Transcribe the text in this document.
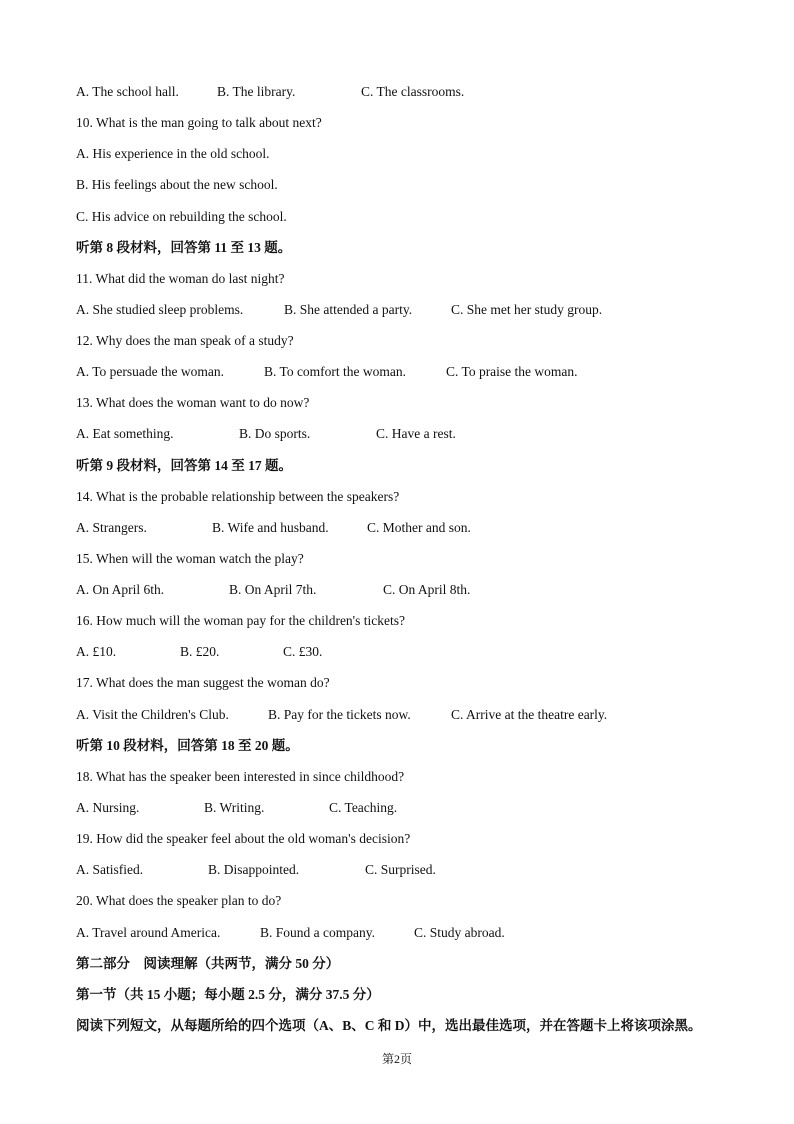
A. The school hall.	B. The library.	C. The classrooms.
10. What is the man going to talk about next?
A. His experience in the old school.
B. His feelings about the new school.
C. His advice on rebuilding the school.
听第 8 段材料，回答第 11 至 13 题。
11. What did the woman do last night?
A. She studied sleep problems.	B. She attended a party.	C. She met her study group.
12. Why does the man speak of a study?
A. To persuade the woman.	B. To comfort the woman.	C. To praise the woman.
13. What does the woman want to do now?
A. Eat something.	B. Do sports.	C. Have a rest.
听第 9 段材料，回答第 14 至 17 题。
14. What is the probable relationship between the speakers?
A. Strangers.	B. Wife and husband.	C. Mother and son.
15. When will the woman watch the play?
A. On April 6th.	B. On April 7th.	C. On April 8th.
16. How much will the woman pay for the children's tickets?
A. £10.	B. £20.	C. £30.
17. What does the man suggest the woman do?
A. Visit the Children's Club.	B. Pay for the tickets now.	C. Arrive at the theatre early.
听第 10 段材料，回答第 18 至 20 题。
18. What has the speaker been interested in since childhood?
A. Nursing.	B. Writing.	C. Teaching.
19. How did the speaker feel about the old woman's decision?
A. Satisfied.	B. Disappointed.	C. Surprised.
20. What does the speaker plan to do?
A. Travel around America.	B. Found a company.	C. Study abroad.
第二部分　阅读理解（共两节，满分 50 分）
第一节（共 15 小题；每小题 2.5 分，满分 37.5 分）
阅读下列短文，从每题所给的四个选项（A、B、C 和 D）中，选出最佳选项，并在答题卡上将该项涂黑。
第2页
